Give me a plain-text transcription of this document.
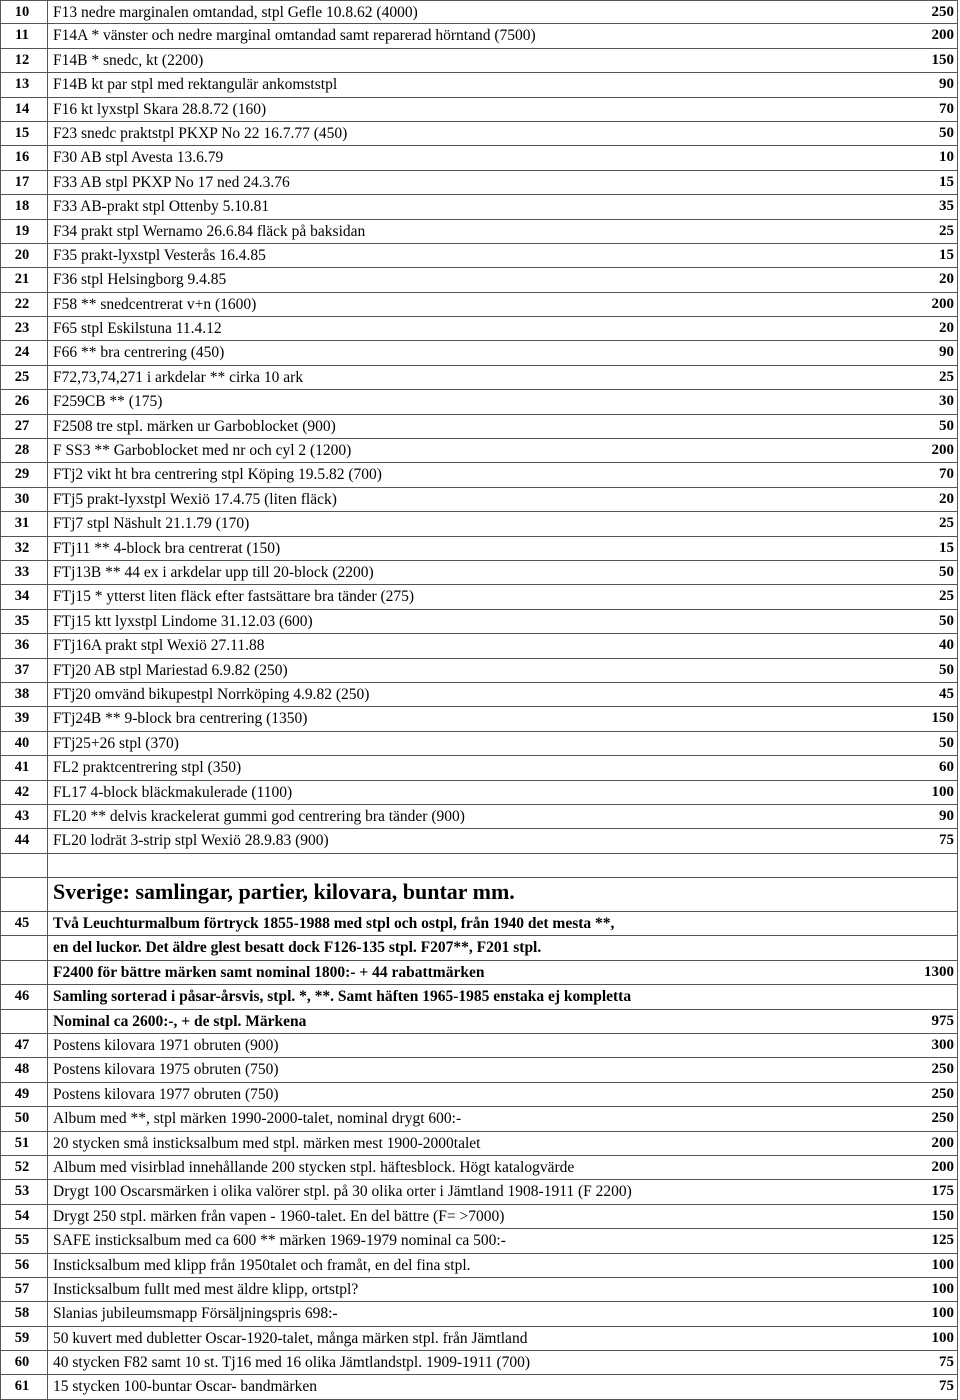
10	F13 nedre marginalen omtandad, stpl Gefle 10.8.62 (4000)	250
11	F14A * vänster och nedre marginal omtandad samt reparerad hörntand (7500)	200
12	F14B * snedc, kt (2200)	150
13	F14B kt par stpl med rektangulär ankomststpl	90
14	F16 kt lyxstpl Skara 28.8.72 (160)	70
15	F23 snedc praktstpl PKXP No 22 16.7.77 (450)	50
16	F30 AB stpl Avesta 13.6.79	10
17	F33 AB stpl PKXP No 17 ned 24.3.76	15
18	F33 AB-prakt stpl Ottenby 5.10.81	35
19	F34 prakt stpl Wernamo 26.6.84 fläck på baksidan	25
20	F35 prakt-lyxstpl Vesterås 16.4.85	15
21	F36 stpl Helsingborg 9.4.85	20
22	F58 ** snedcentrerat v+n (1600)	200
23	F65 stpl Eskilstuna 11.4.12	20
24	F66 ** bra centrering (450)	90
25	F72,73,74,271 i arkdelar ** cirka 10 ark	25
26	F259CB ** (175)	30
27	F2508 tre stpl. märken ur Garboblocket (900)	50
28	F SS3 ** Garboblocket med nr och cyl 2 (1200)	200
29	FTj2 vikt ht bra centrering stpl Köping 19.5.82 (700)	70
30	FTj5 prakt-lyxstpl Wexiö 17.4.75 (liten fläck)	20
31	FTj7 stpl Näshult 21.1.79 (170)	25
32	FTj11 ** 4-block bra centrerat (150)	15
33	FTj13B ** 44 ex i arkdelar upp till 20-block (2200)	50
34	FTj15 * ytterst liten fläck efter fastsättare bra tänder (275)	25
35	FTj15 ktt lyxstpl Lindome 31.12.03 (600)	50
36	FTj16A prakt stpl Wexiö 27.11.88	40
37	FTj20 AB stpl Mariestad 6.9.82 (250)	50
38	FTj20 omvänd bikupestpl Norrköping 4.9.82 (250)	45
39	FTj24B ** 9-block bra centrering (1350)	150
40	FTj25+26 stpl (370)	50
41	FL2 praktcentrering stpl (350)	60
42	FL17 4-block bläckmakulerade (1100)	100
43	FL20 ** delvis krackelerat gummi god centrering bra tänder (900)	90
44	FL20 lodrät 3-strip stpl Wexiö 28.9.83 (900)	75
Sverige: samlingar, partier, kilovara, buntar mm.
45	Två Leuchturmalbum förtryck 1855-1988 med stpl och ostpl, från 1940 det mesta **,
en del luckor. Det äldre glest besatt dock F126-135 stpl. F207**, F201 stpl.
F2400 för bättre märken samt nominal 1800:- + 44 rabattmärken	1300
46	Samling sorterad i påsar-årsvis, stpl. *, **. Samt häften 1965-1985 enstaka ej kompletta
Nominal ca 2600:-, + de stpl. Märkena	975
47	Postens kilovara 1971 obruten (900)	300
48	Postens kilovara 1975 obruten (750)	250
49	Postens kilovara 1977 obruten (750)	250
50	Album med **, stpl märken 1990-2000-talet, nominal drygt 600:-	250
51	20 stycken små insticksalbum med stpl. märken mest 1900-2000talet	200
52	Album med visirblad innehållande 200 stycken stpl. häftesblock. Högt katalogvärde	200
53	Drygt 100 Oscarsmärken i olika valörer stpl. på 30 olika orter i Jämtland 1908-1911 (F 2200)	175
54	Drygt 250 stpl. märken från vapen - 1960-talet. En del bättre (F= >7000)	150
55	SAFE insticksalbum med ca 600 ** märken 1969-1979 nominal ca 500:-	125
56	Insticksalbum med klipp från 1950talet och framåt, en del fina stpl.	100
57	Insticksalbum fullt med mest äldre klipp, ortstpl?	100
58	Slanias jubileumsmapp Försäljningspris 698:-	100
59	50 kuvert med dubletter Oscar-1920-talet, många märken stpl. från Jämtland	100
60	40 stycken F82 samt 10 st. Tj16 med 16 olika Jämtlandstpl. 1909-1911 (700)	75
61	15 stycken 100-buntar Oscar- bandmärken	75
